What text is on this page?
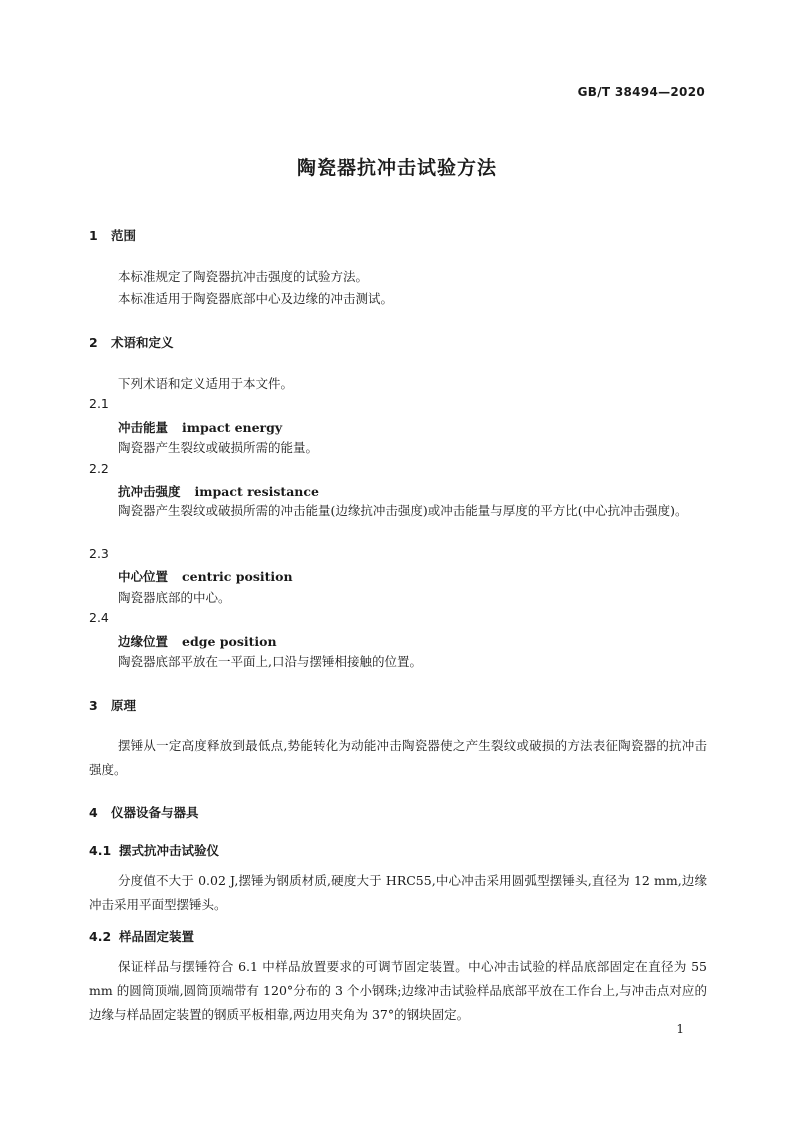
GB/T 38494—2020
陶瓷器抗冲击试验方法
1 范围
本标准规定了陶瓷器抗冲击强度的试验方法。
本标准适用于陶瓷器底部中心及边缘的冲击测试。
2 术语和定义
下列术语和定义适用于本文件。
2.1
冲击能量 impact energy
陶瓷器产生裂纹或破损所需的能量。
2.2
抗冲击强度 impact resistance
陶瓷器产生裂纹或破损所需的冲击能量(边缘抗冲击强度)或冲击能量与厚度的平方比(中心抗冲击强度)。
2.3
中心位置 centric position
陶瓷器底部的中心。
2.4
边缘位置 edge position
陶瓷器底部平放在一平面上,口沿与摆锤相接触的位置。
3 原理
摆锤从一定高度释放到最低点,势能转化为动能冲击陶瓷器使之产生裂纹或破损的方法表征陶瓷器的抗冲击强度。
4 仪器设备与器具
4.1 摆式抗冲击试验仪
分度值不大于 0.02 J,摆锤为钢质材质,硬度大于 HRC55,中心冲击采用圆弧型摆锤头,直径为 12 mm,边缘冲击采用平面型摆锤头。
4.2 样品固定装置
保证样品与摆锤符合 6.1 中样品放置要求的可调节固定装置。中心冲击试验的样品底部固定在直径为 55 mm 的圆筒顶端,圆筒顶端带有 120°分布的 3 个小钢珠;边缘冲击试验样品底部平放在工作台上,与冲击点对应的边缘与样品固定装置的钢质平板相靠,两边用夹角为 37°的钢块固定。
1
